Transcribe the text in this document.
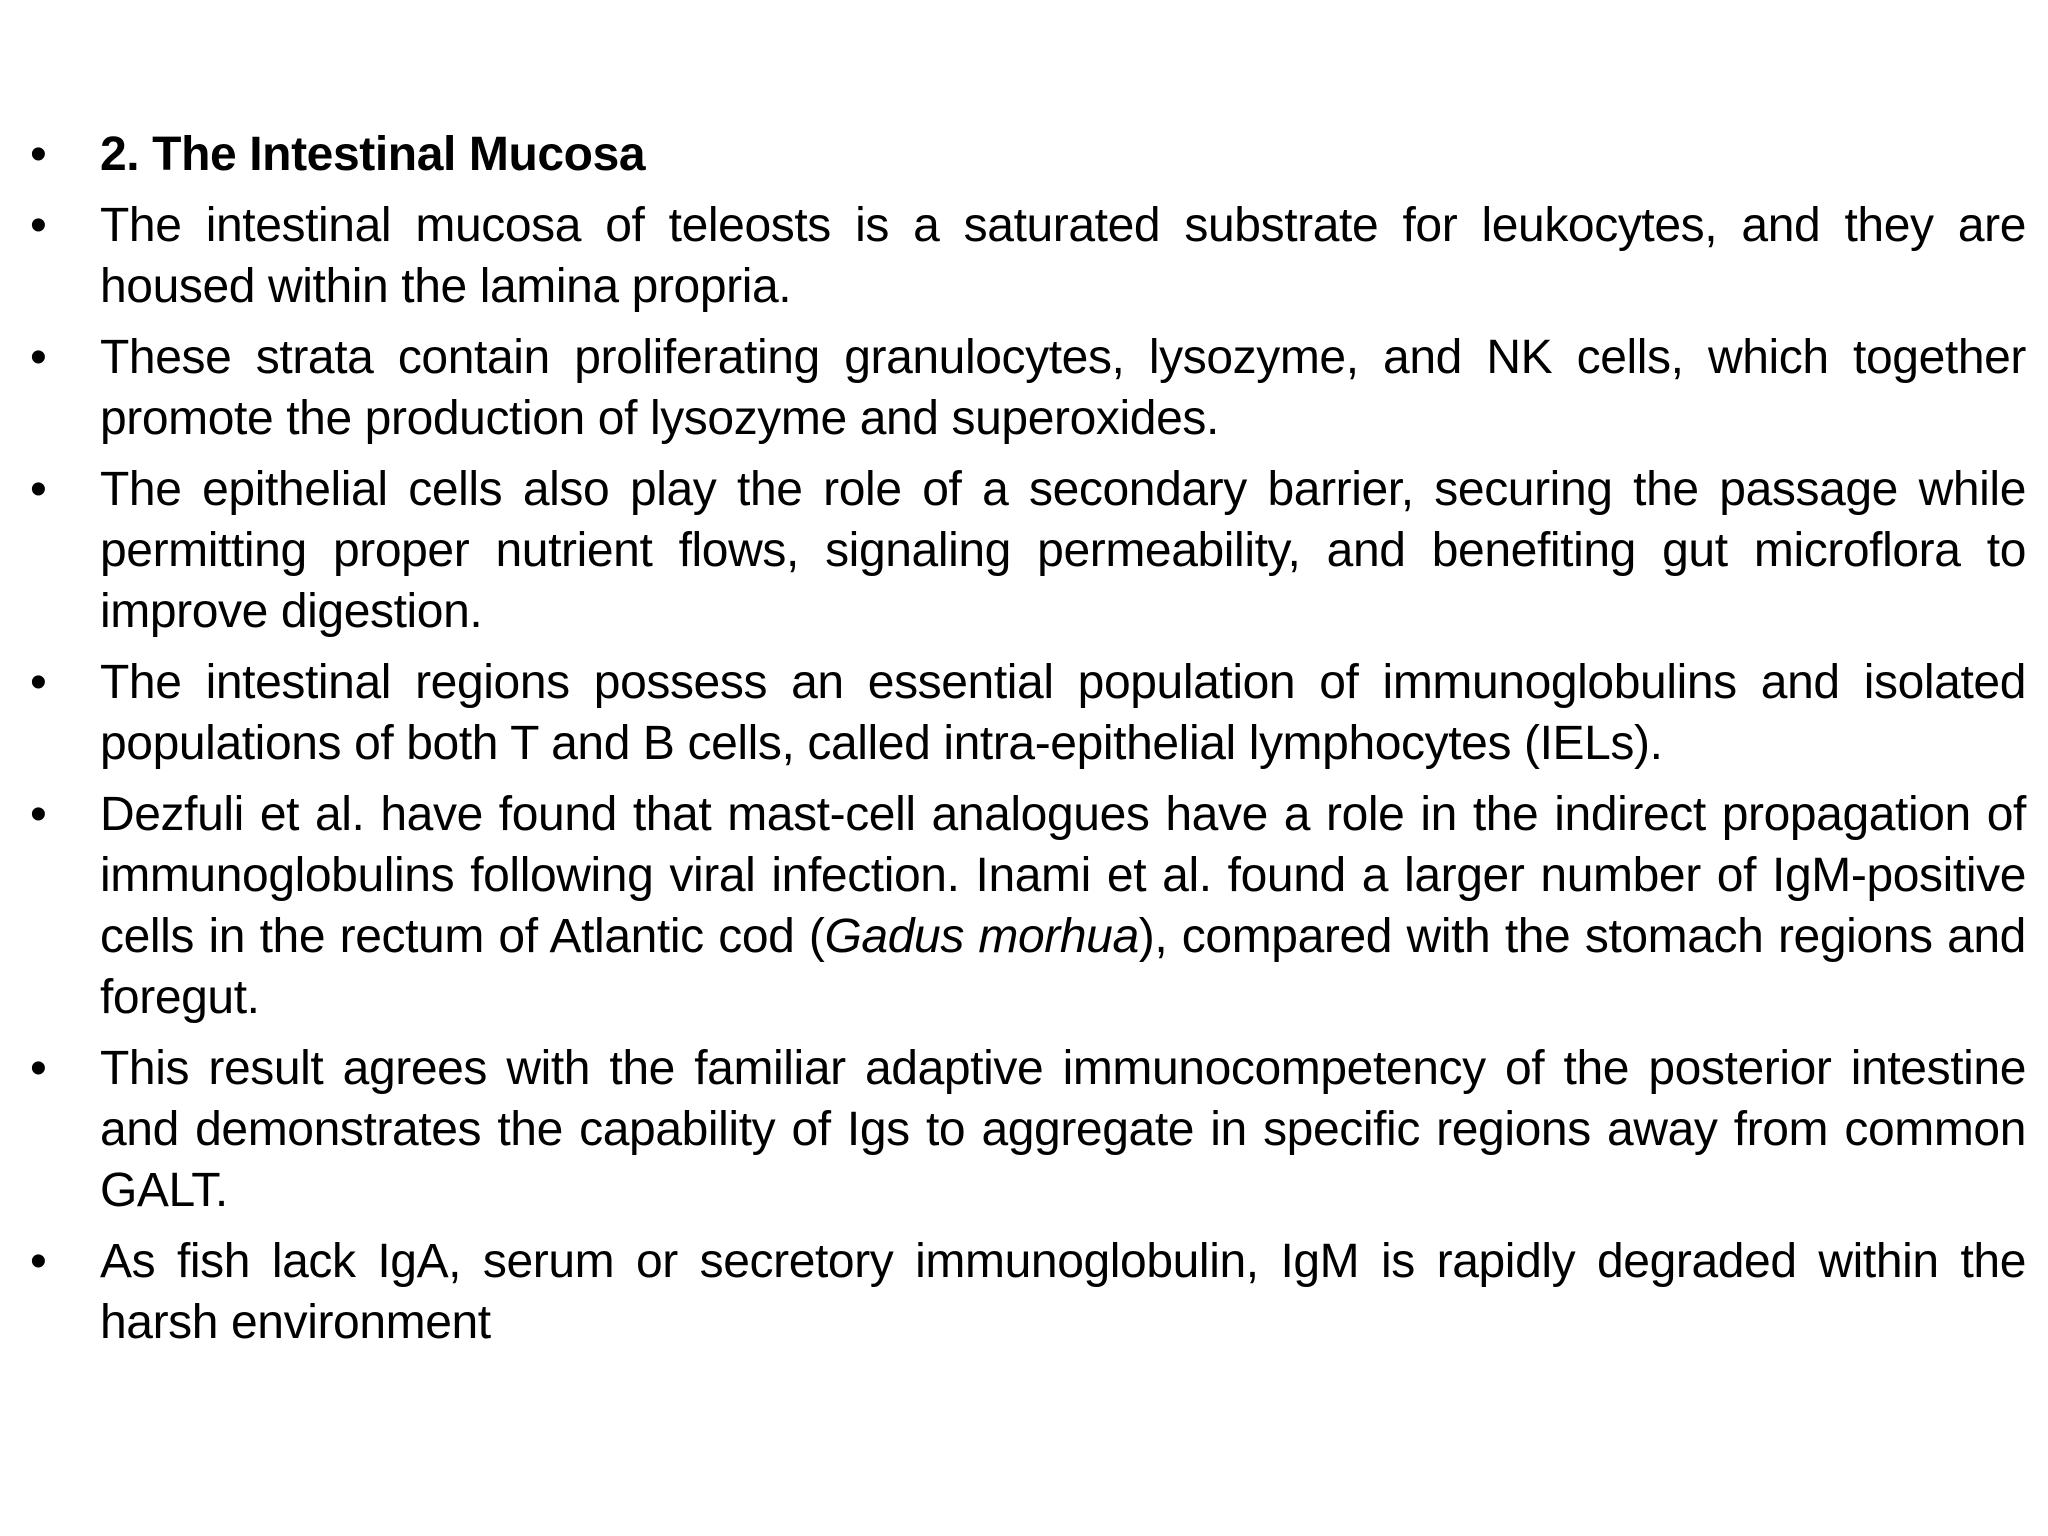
•	2. The Intestinal Mucosa
•	The intestinal mucosa of teleosts is a saturated substrate for leukocytes, and they are housed within the lamina propria.
•	These strata contain proliferating granulocytes, lysozyme, and NK cells, which together promote the production of lysozyme and superoxides.
•	The epithelial cells also play the role of a secondary barrier, securing the passage while permitting proper nutrient flows, signaling permeability, and benefiting gut microflora to improve digestion.
•	The intestinal regions possess an essential population of immunoglobulins and isolated populations of both T and B cells, called intra-epithelial lymphocytes (IELs).
•	Dezfuli et al. have found that mast-cell analogues have a role in the indirect propagation of immunoglobulins following viral infection. Inami et al. found a larger number of IgM-positive cells in the rectum of Atlantic cod (Gadus morhua), compared with the stomach regions and foregut.
•	This result agrees with the familiar adaptive immunocompetency of the posterior intestine and demonstrates the capability of Igs to aggregate in specific regions away from common GALT.
•	As fish lack IgA, serum or secretory immunoglobulin, IgM is rapidly degraded within the harsh environment
